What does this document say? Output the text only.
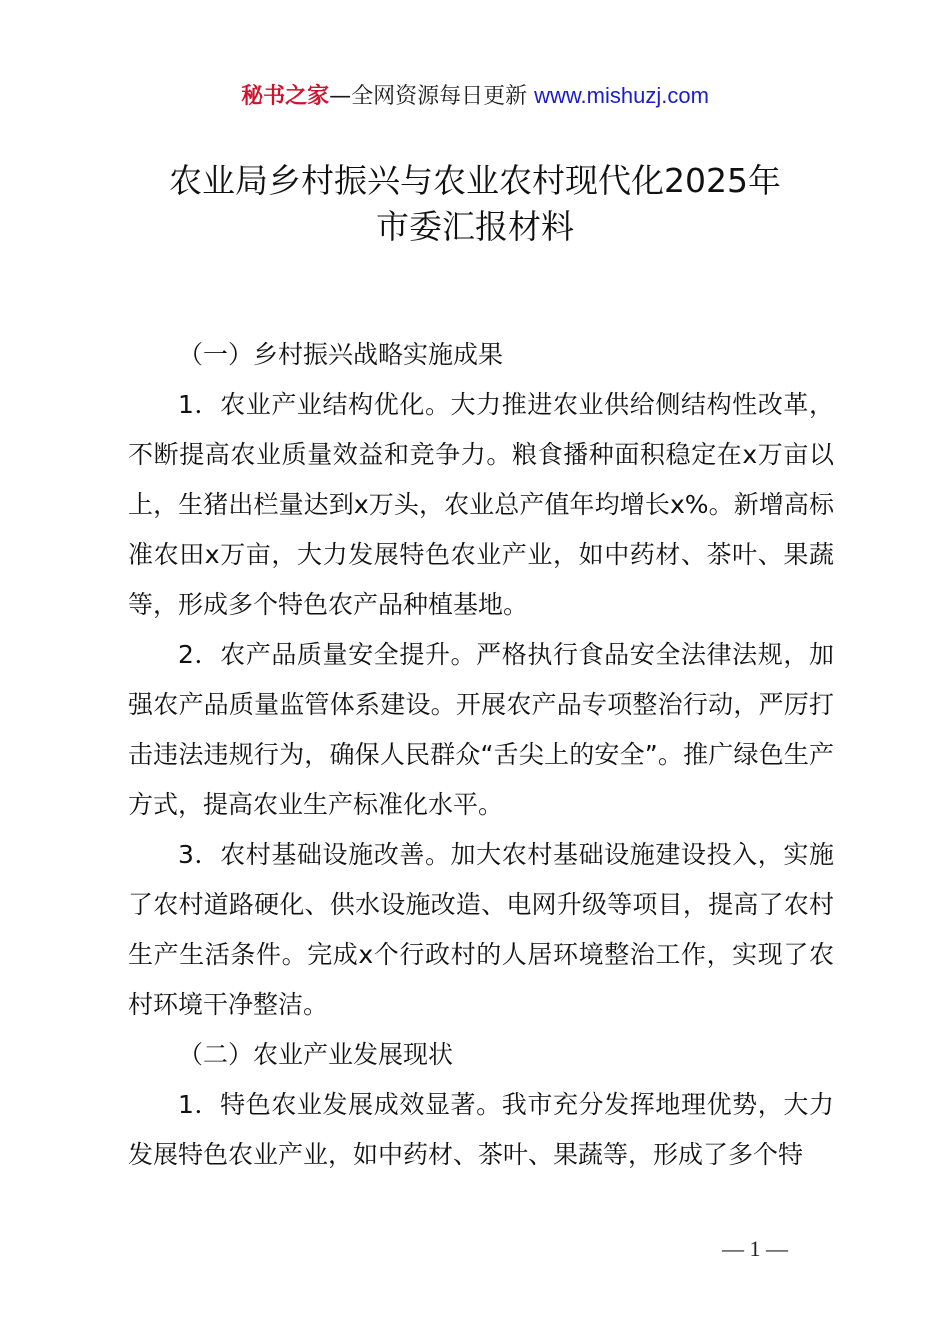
秘书之家—全网资源每日更新 www.mishuzj.com
农业局乡村振兴与农业农村现代化2025年
市委汇报材料
（一）乡村振兴战略实施成果

1．农业产业结构优化。大力推进农业供给侧结构性改革，不断提高农业质量效益和竞争力。粮食播种面积稳定在x万亩以上，生猪出栏量达到x万头，农业总产值年均增长x%。新增高标准农田x万亩，大力发展特色农业产业，如中药材、茶叶、果蔬等，形成多个特色农产品种植基地。

2．农产品质量安全提升。严格执行食品安全法律法规，加强农产品质量监管体系建设。开展农产品专项整治行动，严厉打击违法违规行为，确保人民群众“舌尖上的安全”。推广绿色生产方式，提高农业生产标准化水平。

3．农村基础设施改善。加大农村基础设施建设投入，实施了农村道路硬化、供水设施改造、电网升级等项目，提高了农村生产生活条件。完成x个行政村的人居环境整治工作，实现了农村环境干净整洁。

（二）农业产业发展现状

1．特色农业发展成效显著。我市充分发挥地理优势，大力发展特色农业产业，如中药材、茶叶、果蔬等，形成了多个特

— 1 —
